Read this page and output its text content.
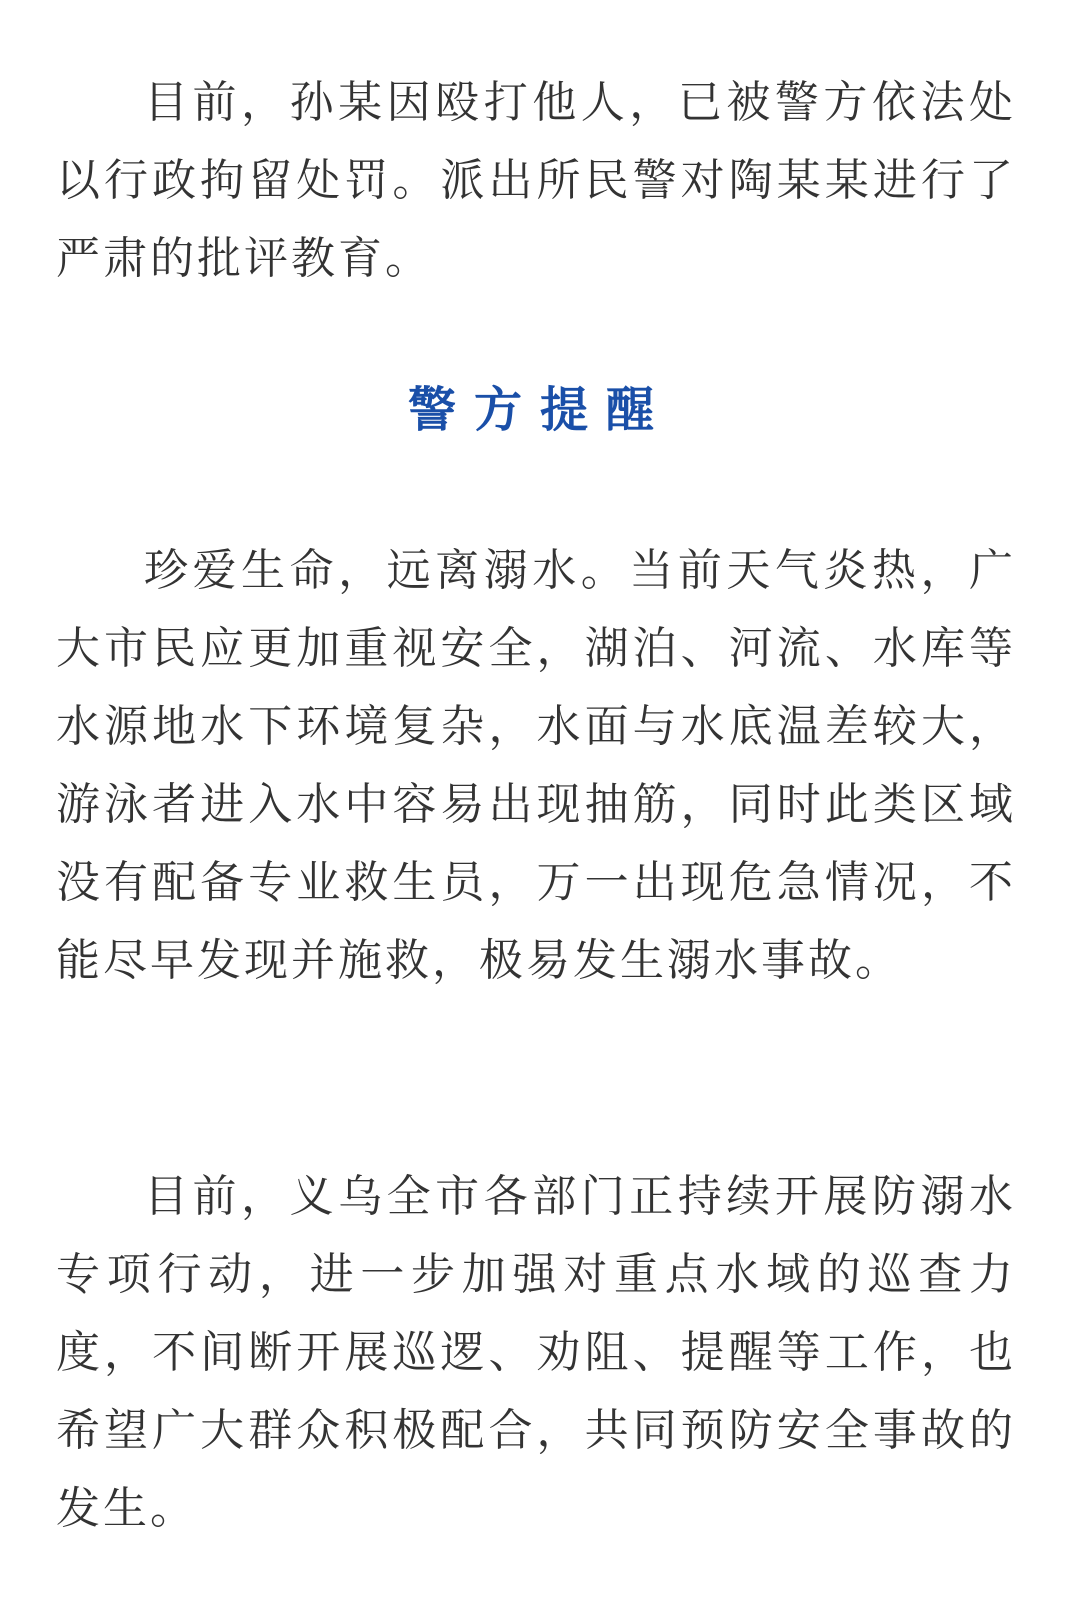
目前，孙某因殴打他人，已被警方依法处以行政拘留处罚。派出所民警对陶某某进行了严肃的批评教育。

警方提醒

珍爱生命，远离溺水。当前天气炎热，广大市民应更加重视安全，湖泊、河流、水库等水源地水下环境复杂，水面与水底温差较大，游泳者进入水中容易出现抽筋，同时此类区域没有配备专业救生员，万一出现危急情况，不能尽早发现并施救，极易发生溺水事故。

目前，义乌全市各部门正持续开展防溺水专项行动，进一步加强对重点水域的巡查力度，不间断开展巡逻、劝阻、提醒等工作，也希望广大群众积极配合，共同预防安全事故的发生。
